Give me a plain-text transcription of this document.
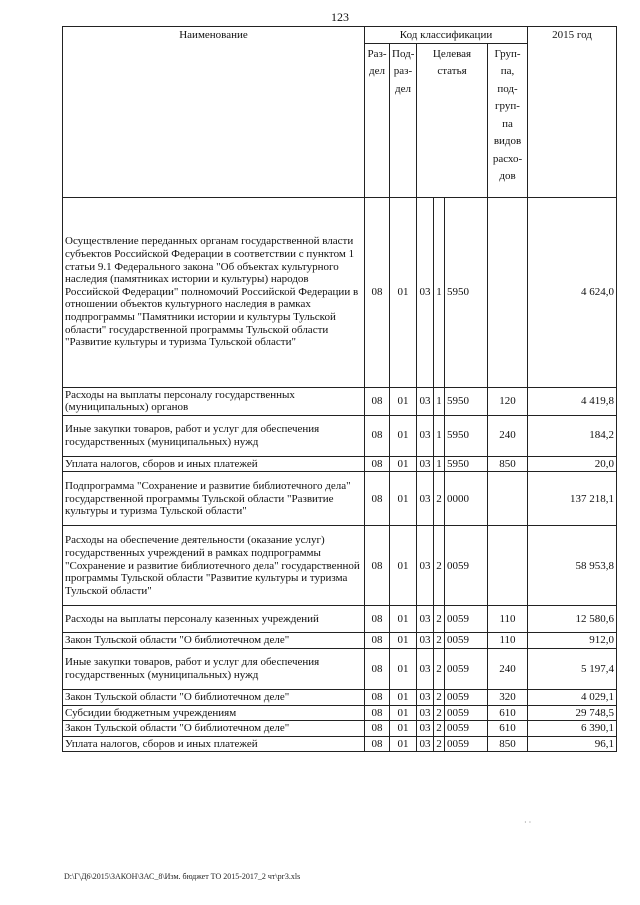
123
Наименование	Код классификации						2015 год
	Раз-дел	Под-раз-дел	Целевая статья			Груп-па, под-груп-па видов расхо-дов	
Осуществление переданных органам государственной власти субъектов Российской Федерации в соответствии с пунктом 1 статьи 9.1 Федерального закона "Об объектах культурного наследия (памятниках истории и культуры) народов Российской Федерации" полномочий Российской Федерации в отношении объектов культурного наследия в рамках подпрограммы "Памятники истории и культуры Тульской области" государственной программы Тульской области "Развитие культуры и туризма Тульской области"	08	01	03	1	5950		4 624,0
Расходы на выплаты персоналу государственных (муниципальных) органов	08	01	03	1	5950	120	4 419,8
Иные закупки товаров, работ и услуг для обеспечения государственных (муниципальных) нужд	08	01	03	1	5950	240	184,2
Уплата налогов, сборов и иных платежей	08	01	03	1	5950	850	20,0
Подпрограмма "Сохранение и развитие библиотечного дела" государственной программы Тульской области "Развитие культуры и туризма Тульской области"	08	01	03	2	0000		137 218,1
Расходы на обеспечение деятельности (оказание услуг) государственных учреждений в рамках подпрограммы "Сохранение и развитие библиотечного дела" государственной программы Тульской области "Развитие культуры и туризма Тульской области"	08	01	03	2	0059		58 953,8
Расходы на выплаты персоналу казенных учреждений	08	01	03	2	0059	110	12 580,6
Закон Тульской области "О библиотечном деле"	08	01	03	2	0059	110	912,0
Иные закупки товаров, работ и услуг для обеспечения государственных (муниципальных) нужд	08	01	03	2	0059	240	5 197,4
Закон Тульской области "О библиотечном деле"	08	01	03	2	0059	320	4 029,1
Субсидии бюджетным учреждениям	08	01	03	2	0059	610	29 748,5
Закон Тульской области "О библиотечном деле"	08	01	03	2	0059	610	6 390,1
Уплата налогов, сборов и иных платежей	08	01	03	2	0059	850	96,1
· ·
D:\Г\Д6\2015\ЗАКОН\ЗАС_8\Изм. бюджет ТО 2015-2017_2 чт\рг3.xls
